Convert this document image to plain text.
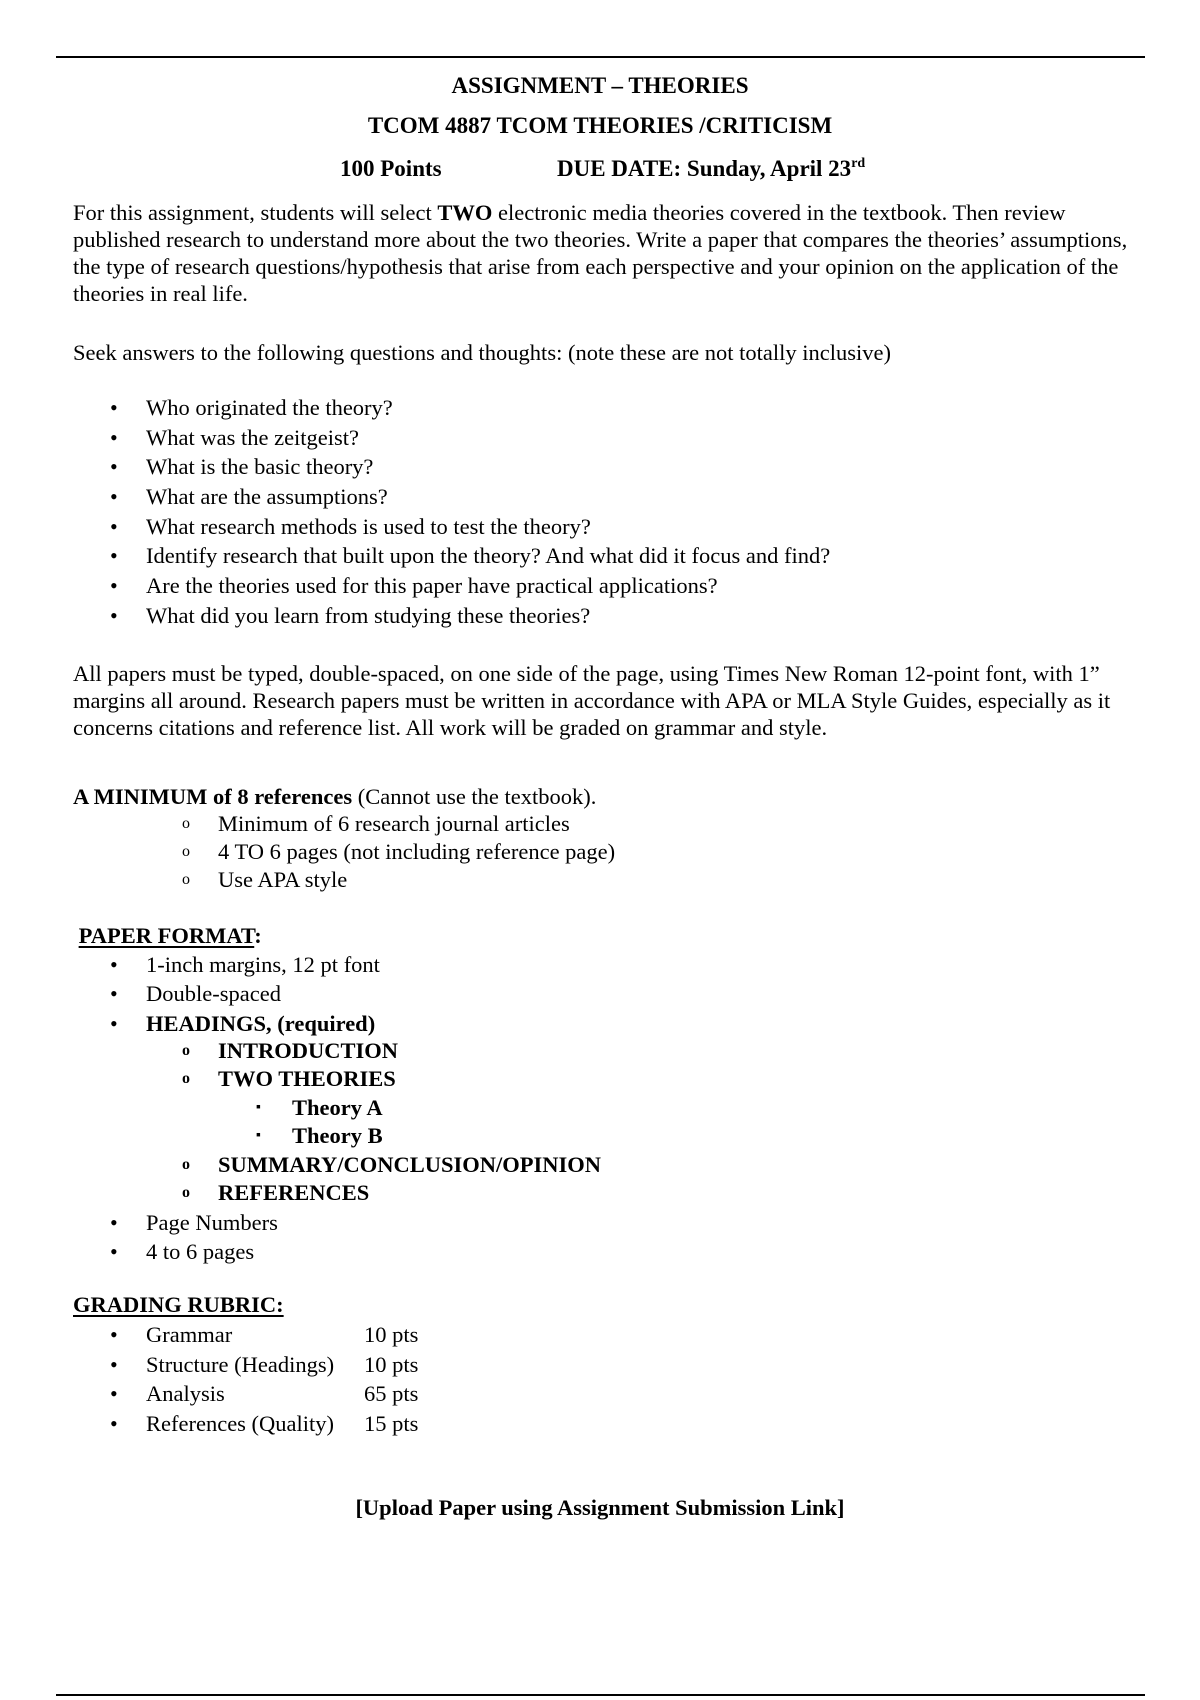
ASSIGNMENT – THEORIES
TCOM 4887 TCOM THEORIES /CRITICISM
100 Points	DUE DATE: Sunday, April 23rd
For this assignment, students will select TWO electronic media theories covered in the textbook. Then review published research to understand more about the two theories. Write a paper that compares the theories’ assumptions, the type of research questions/hypothesis that arise from each perspective and your opinion on the application of the theories in real life.
Seek answers to the following questions and thoughts: (note these are not totally inclusive)
• Who originated the theory?
• What was the zeitgeist?
• What is the basic theory?
• What are the assumptions?
• What research methods is used to test the theory?
• Identify research that built upon the theory? And what did it focus and find?
• Are the theories used for this paper have practical applications?
• What did you learn from studying these theories?
All papers must be typed, double-spaced, on one side of the page, using Times New Roman 12-point font, with 1” margins all around. Research papers must be written in accordance with APA or MLA Style Guides, especially as it concerns citations and reference list. All work will be graded on grammar and style.
A MINIMUM of 8 references (Cannot use the textbook).
o Minimum of 6 research journal articles
o 4 TO 6 pages (not including reference page)
o Use APA style
PAPER FORMAT:
• 1-inch margins, 12 pt font
• Double-spaced
• HEADINGS, (required)
o INTRODUCTION
o TWO THEORIES
▪ Theory A
▪ Theory B
o SUMMARY/CONCLUSION/OPINION
o REFERENCES
• Page Numbers
• 4 to 6 pages
GRADING RUBRIC:
• Grammar	10 pts
• Structure (Headings) 10 pts
• Analysis	65 pts
• References (Quality) 15 pts
[Upload Paper using Assignment Submission Link]
